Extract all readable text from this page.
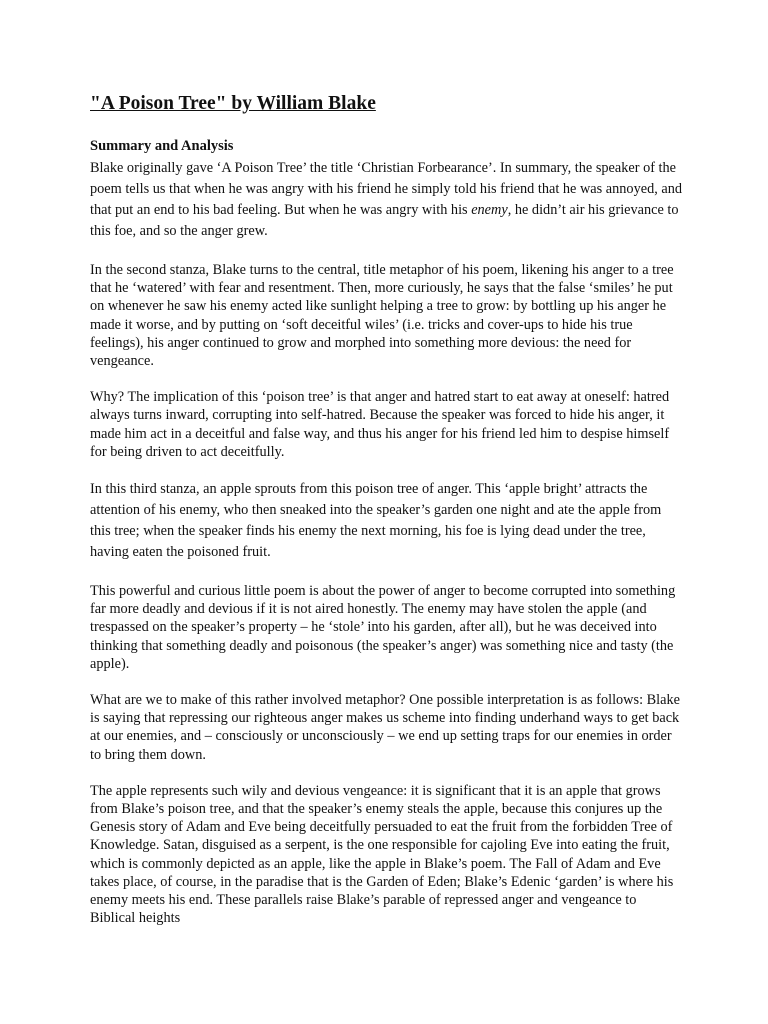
"A Poison Tree" by William Blake
Summary and Analysis

Blake originally gave ‘A Poison Tree’ the title ‘Christian Forbearance’. In summary, the speaker of the poem tells us that when he was angry with his friend he simply told his friend that he was annoyed, and that put an end to his bad feeling. But when he was angry with his enemy, he didn’t air his grievance to this foe, and so the anger grew.

In the second stanza, Blake turns to the central, title metaphor of his poem, likening his anger to a tree that he ‘watered’ with fear and resentment. Then, more curiously, he says that the false ‘smiles’ he put on whenever he saw his enemy acted like sunlight helping a tree to grow: by bottling up his anger he made it worse, and by putting on ‘soft deceitful wiles’ (i.e. tricks and cover-ups to hide his true feelings), his anger continued to grow and morphed into something more devious: the need for vengeance.

Why? The implication of this ‘poison tree’ is that anger and hatred start to eat away at oneself: hatred always turns inward, corrupting into self-hatred. Because the speaker was forced to hide his anger, it made him act in a deceitful and false way, and thus his anger for his friend led him to despise himself for being driven to act deceitfully.

In this third stanza, an apple sprouts from this poison tree of anger. This ‘apple bright’ attracts the attention of his enemy, who then sneaked into the speaker’s garden one night and ate the apple from this tree; when the speaker finds his enemy the next morning, his foe is lying dead under the tree, having eaten the poisoned fruit.

This powerful and curious little poem is about the power of anger to become corrupted into something far more deadly and devious if it is not aired honestly. The enemy may have stolen the apple (and trespassed on the speaker’s property – he ‘stole’ into his garden, after all), but he was deceived into thinking that something deadly and poisonous (the speaker’s anger) was something nice and tasty (the apple).

What are we to make of this rather involved metaphor? One possible interpretation is as follows: Blake is saying that repressing our righteous anger makes us scheme into finding underhand ways to get back at our enemies, and – consciously or unconsciously – we end up setting traps for our enemies in order to bring them down.

The apple represents such wily and devious vengeance: it is significant that it is an apple that grows from Blake’s poison tree, and that the speaker’s enemy steals the apple, because this conjures up the Genesis story of Adam and Eve being deceitfully persuaded to eat the fruit from the forbidden Tree of Knowledge. Satan, disguised as a serpent, is the one responsible for cajoling Eve into eating the fruit, which is commonly depicted as an apple, like the apple in Blake’s poem. The Fall of Adam and Eve takes place, of course, in the paradise that is the Garden of Eden; Blake’s Edenic ‘garden’ is where his enemy meets his end. These parallels raise Blake’s parable of repressed anger and vengeance to Biblical heights
